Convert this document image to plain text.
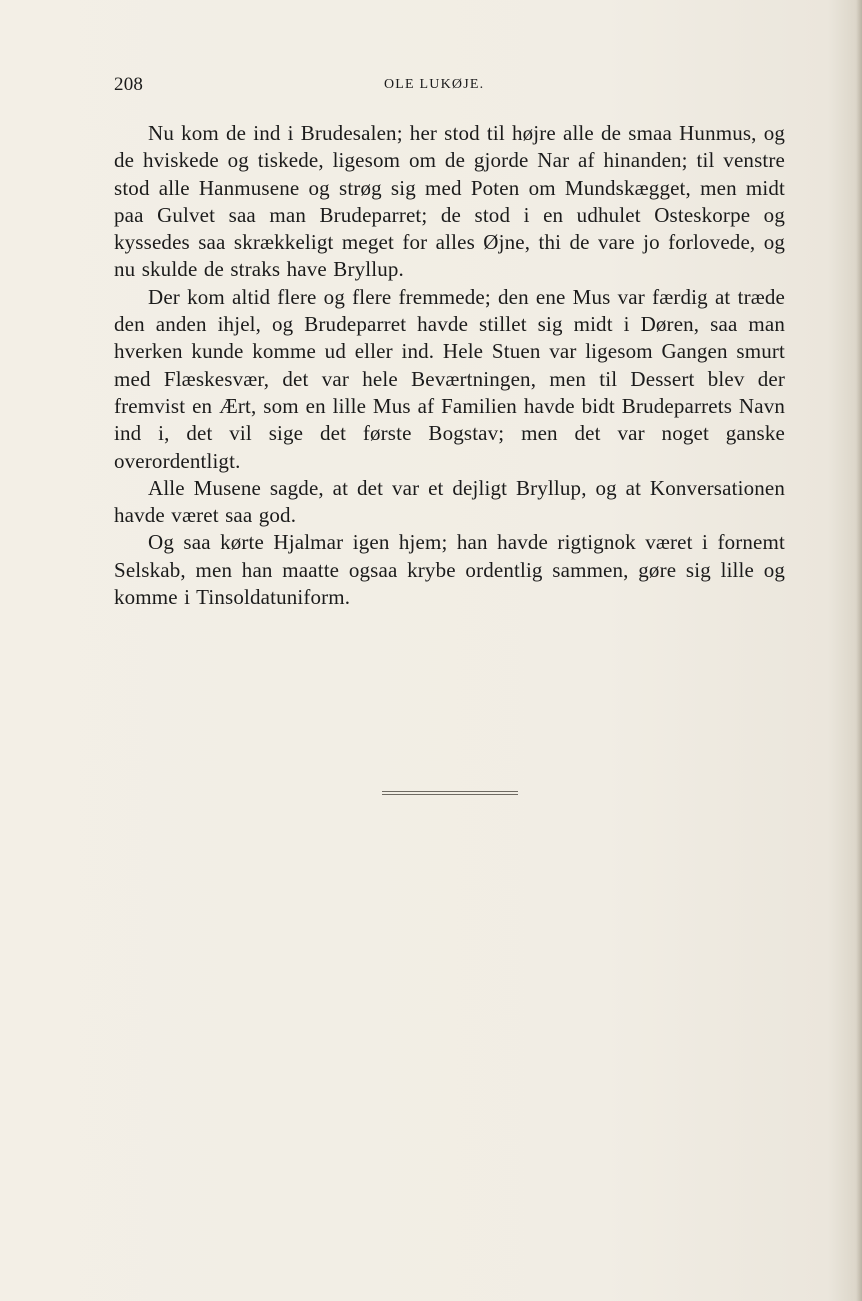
208	OLE LUKØJE.

Nu kom de ind i Brudesalen; her stod til højre alle de smaa Hunmus, og de hviskede og tiskede, ligesom om de gjorde Nar af hinanden; til venstre stod alle Hanmusene og strøg sig med Poten om Mundskægget, men midt paa Gulvet saa man Brudeparret; de stod i en udhulet Osteskorpe og kyssedes saa skrækkeligt meget for alles Øjne, thi de vare jo forlovede, og nu skulde de straks have Bryllup.

Der kom altid flere og flere fremmede; den ene Mus var færdig at træde den anden ihjel, og Brudeparret havde stillet sig midt i Døren, saa man hverken kunde komme ud eller ind. Hele Stuen var ligesom Gangen smurt med Flæskesvær, det var hele Beværtningen, men til Dessert blev der fremvist en Ært, som en lille Mus af Familien havde bidt Brudeparrets Navn ind i, det vil sige det første Bogstav; men det var noget ganske overordentligt.

Alle Musene sagde, at det var et dejligt Bryllup, og at Konversationen havde været saa god.

Og saa kørte Hjalmar igen hjem; han havde rigtignok været i fornemt Selskab, men han maatte ogsaa krybe ordentlig sammen, gøre sig lille og komme i Tinsoldatuniform.
